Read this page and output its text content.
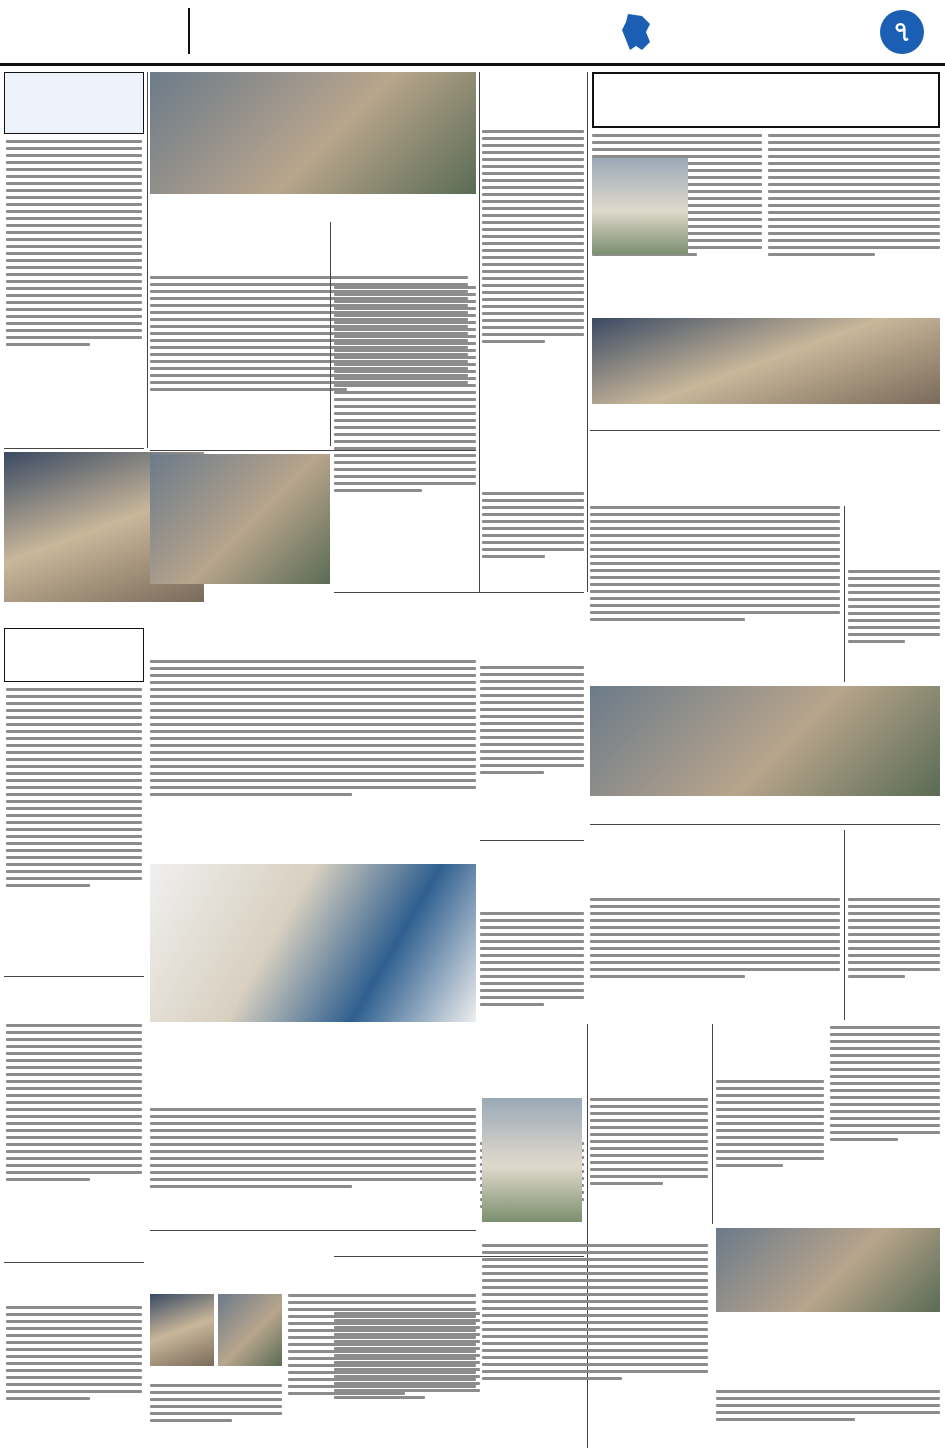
৭
